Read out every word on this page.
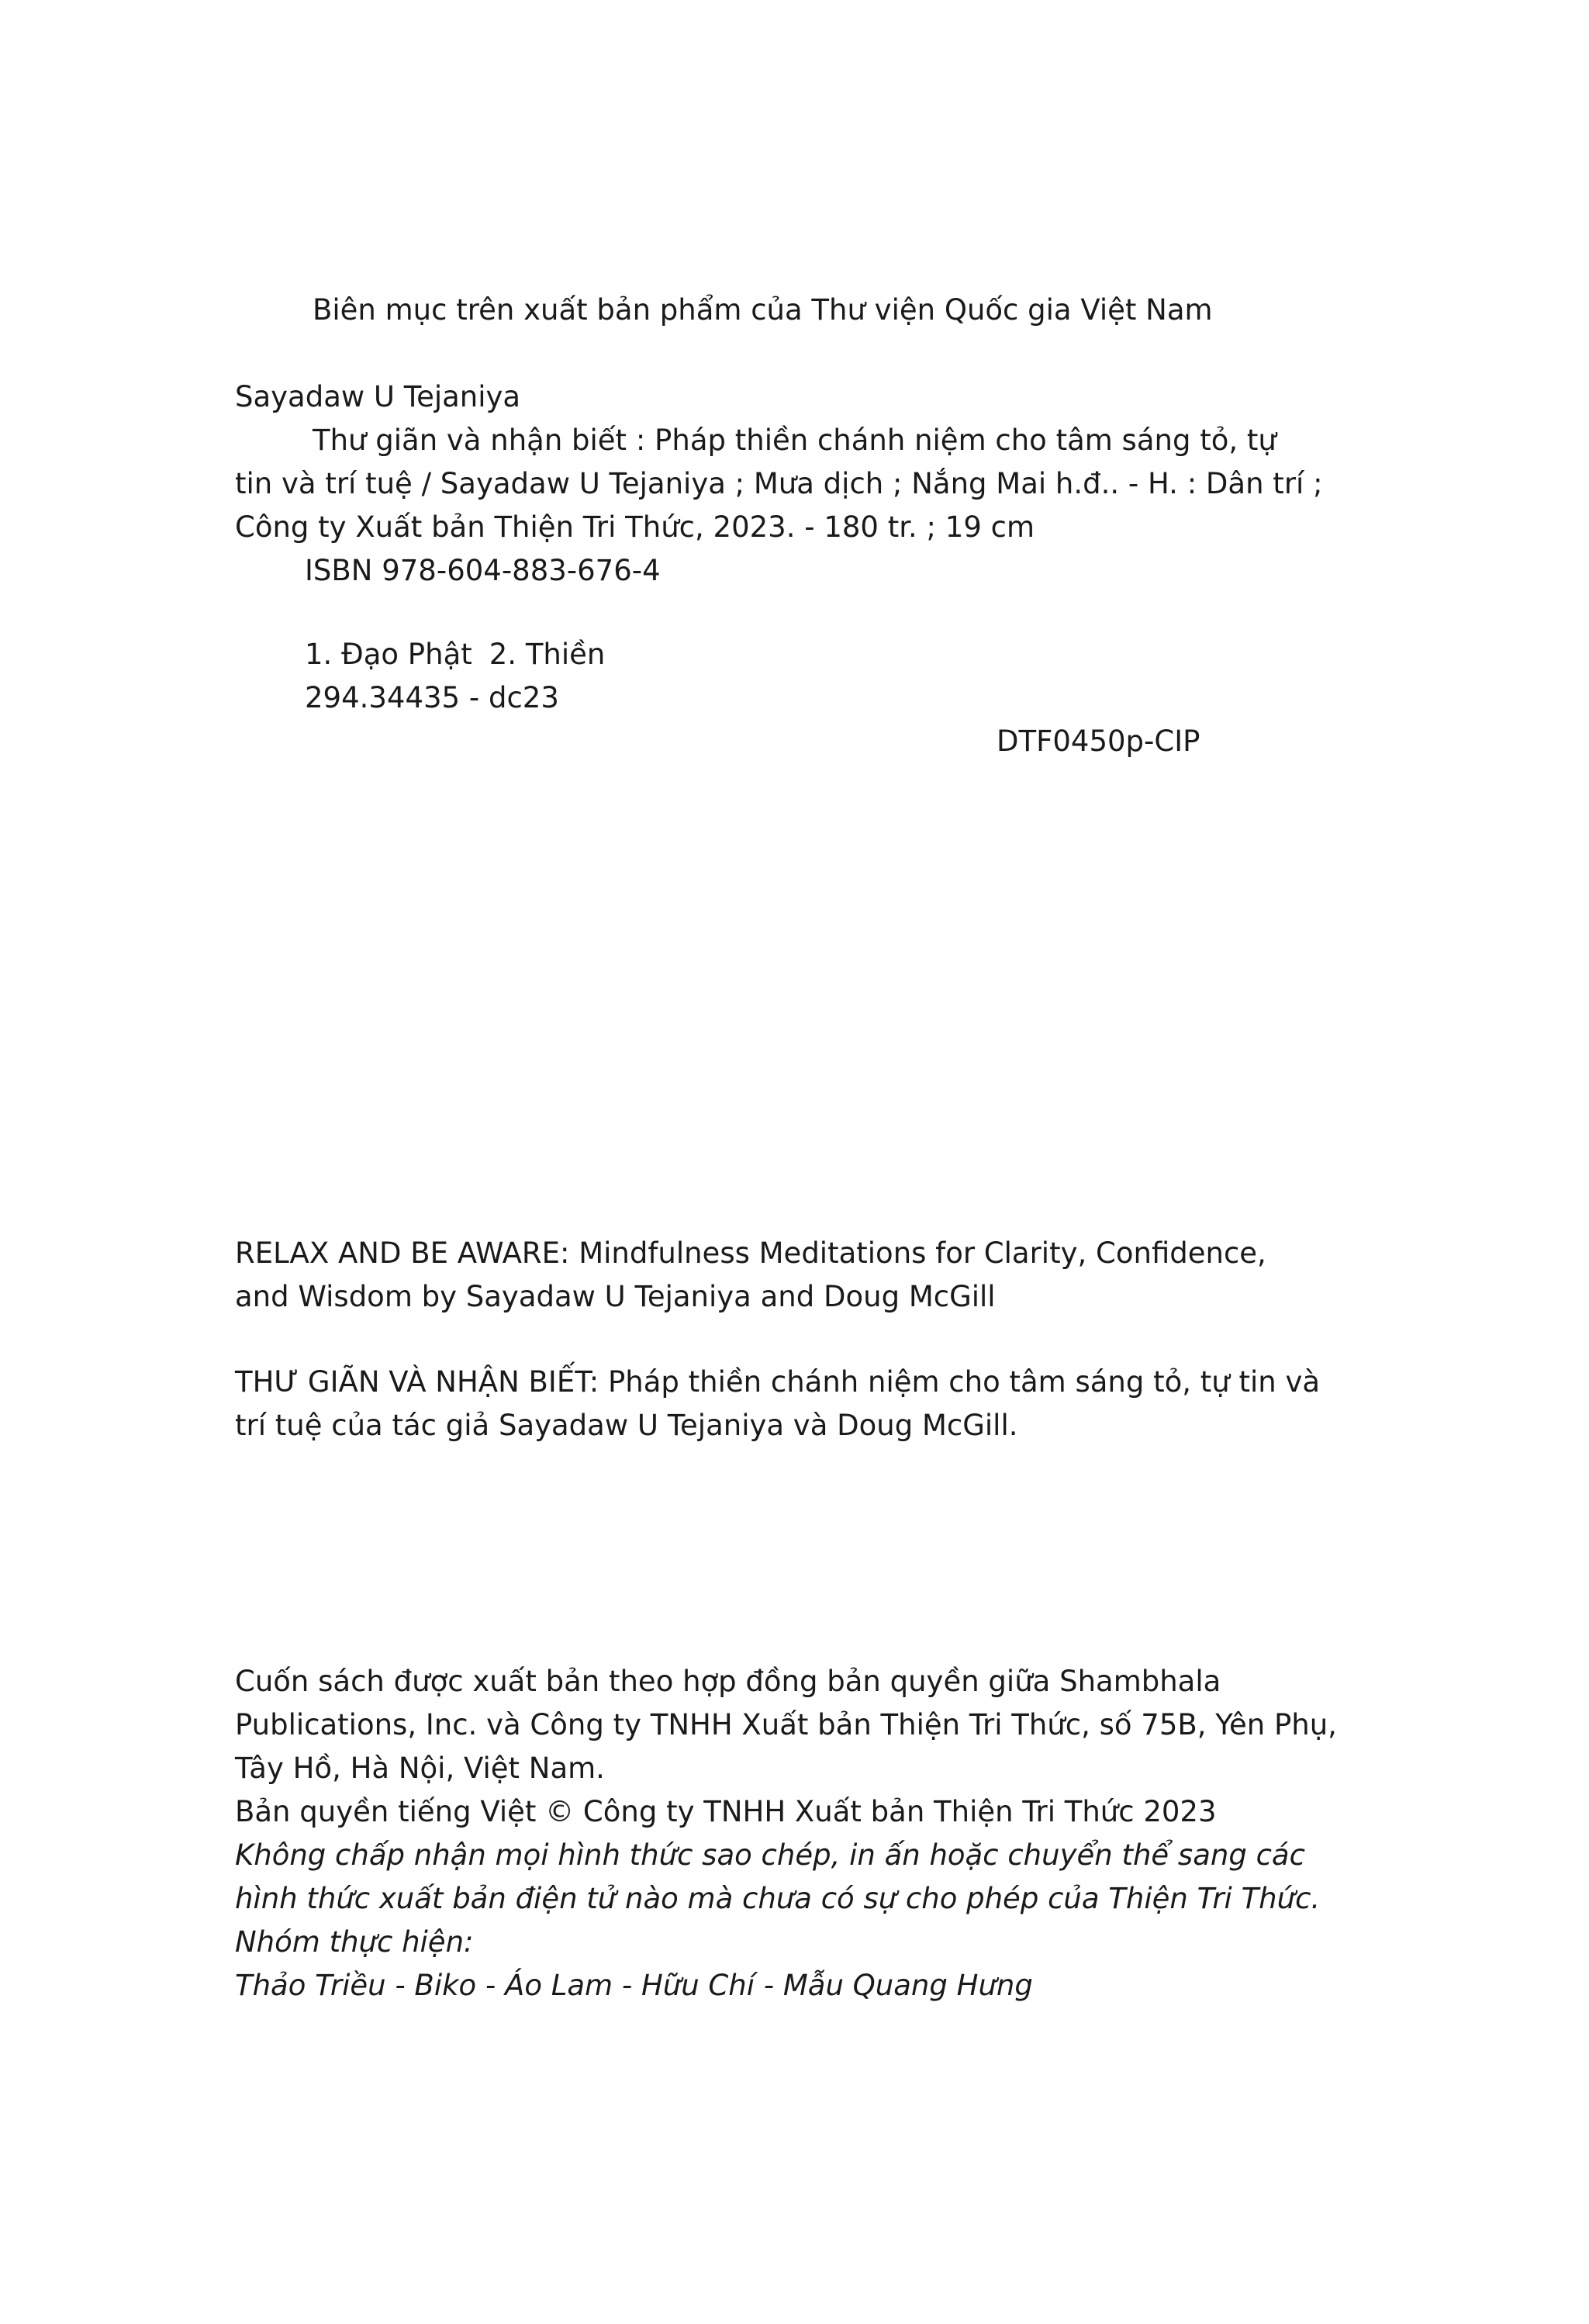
Biên mục trên xuất bản phẩm của Thư viện Quốc gia Việt Nam
Sayadaw U Tejaniya
Thư giãn và nhận biết : Pháp thiền chánh niệm cho tâm sáng tỏ, tự
tin và trí tuệ / Sayadaw U Tejaniya ; Mưa dịch ; Nắng Mai h.đ.. - H. : Dân trí ;
Công ty Xuất bản Thiện Tri Thức, 2023. - 180 tr. ; 19 cm
ISBN 978-604-883-676-4
1. Đạo Phật 2. Thiền
294.34435 - dc23
DTF0450p-CIP
RELAX AND BE AWARE: Mindfulness Meditations for Clarity, Confidence,
and Wisdom by Sayadaw U Tejaniya and Doug McGill
THƯ GIÃN VÀ NHẬN BIẾT: Pháp thiền chánh niệm cho tâm sáng tỏ, tự tin và
trí tuệ của tác giả Sayadaw U Tejaniya và Doug McGill.
Cuốn sách được xuất bản theo hợp đồng bản quyền giữa Shambhala
Publications, Inc. và Công ty TNHH Xuất bản Thiện Tri Thức, số 75B, Yên Phụ,
Tây Hồ, Hà Nội, Việt Nam.
Bản quyền tiếng Việt © Công ty TNHH Xuất bản Thiện Tri Thức 2023
Không chấp nhận mọi hình thức sao chép, in ấn hoặc chuyển thể sang các
hình thức xuất bản điện tử nào mà chưa có sự cho phép của Thiện Tri Thức.
Nhóm thực hiện:
Thảo Triều - Biko - Áo Lam - Hữu Chí - Mẫu Quang Hưng
